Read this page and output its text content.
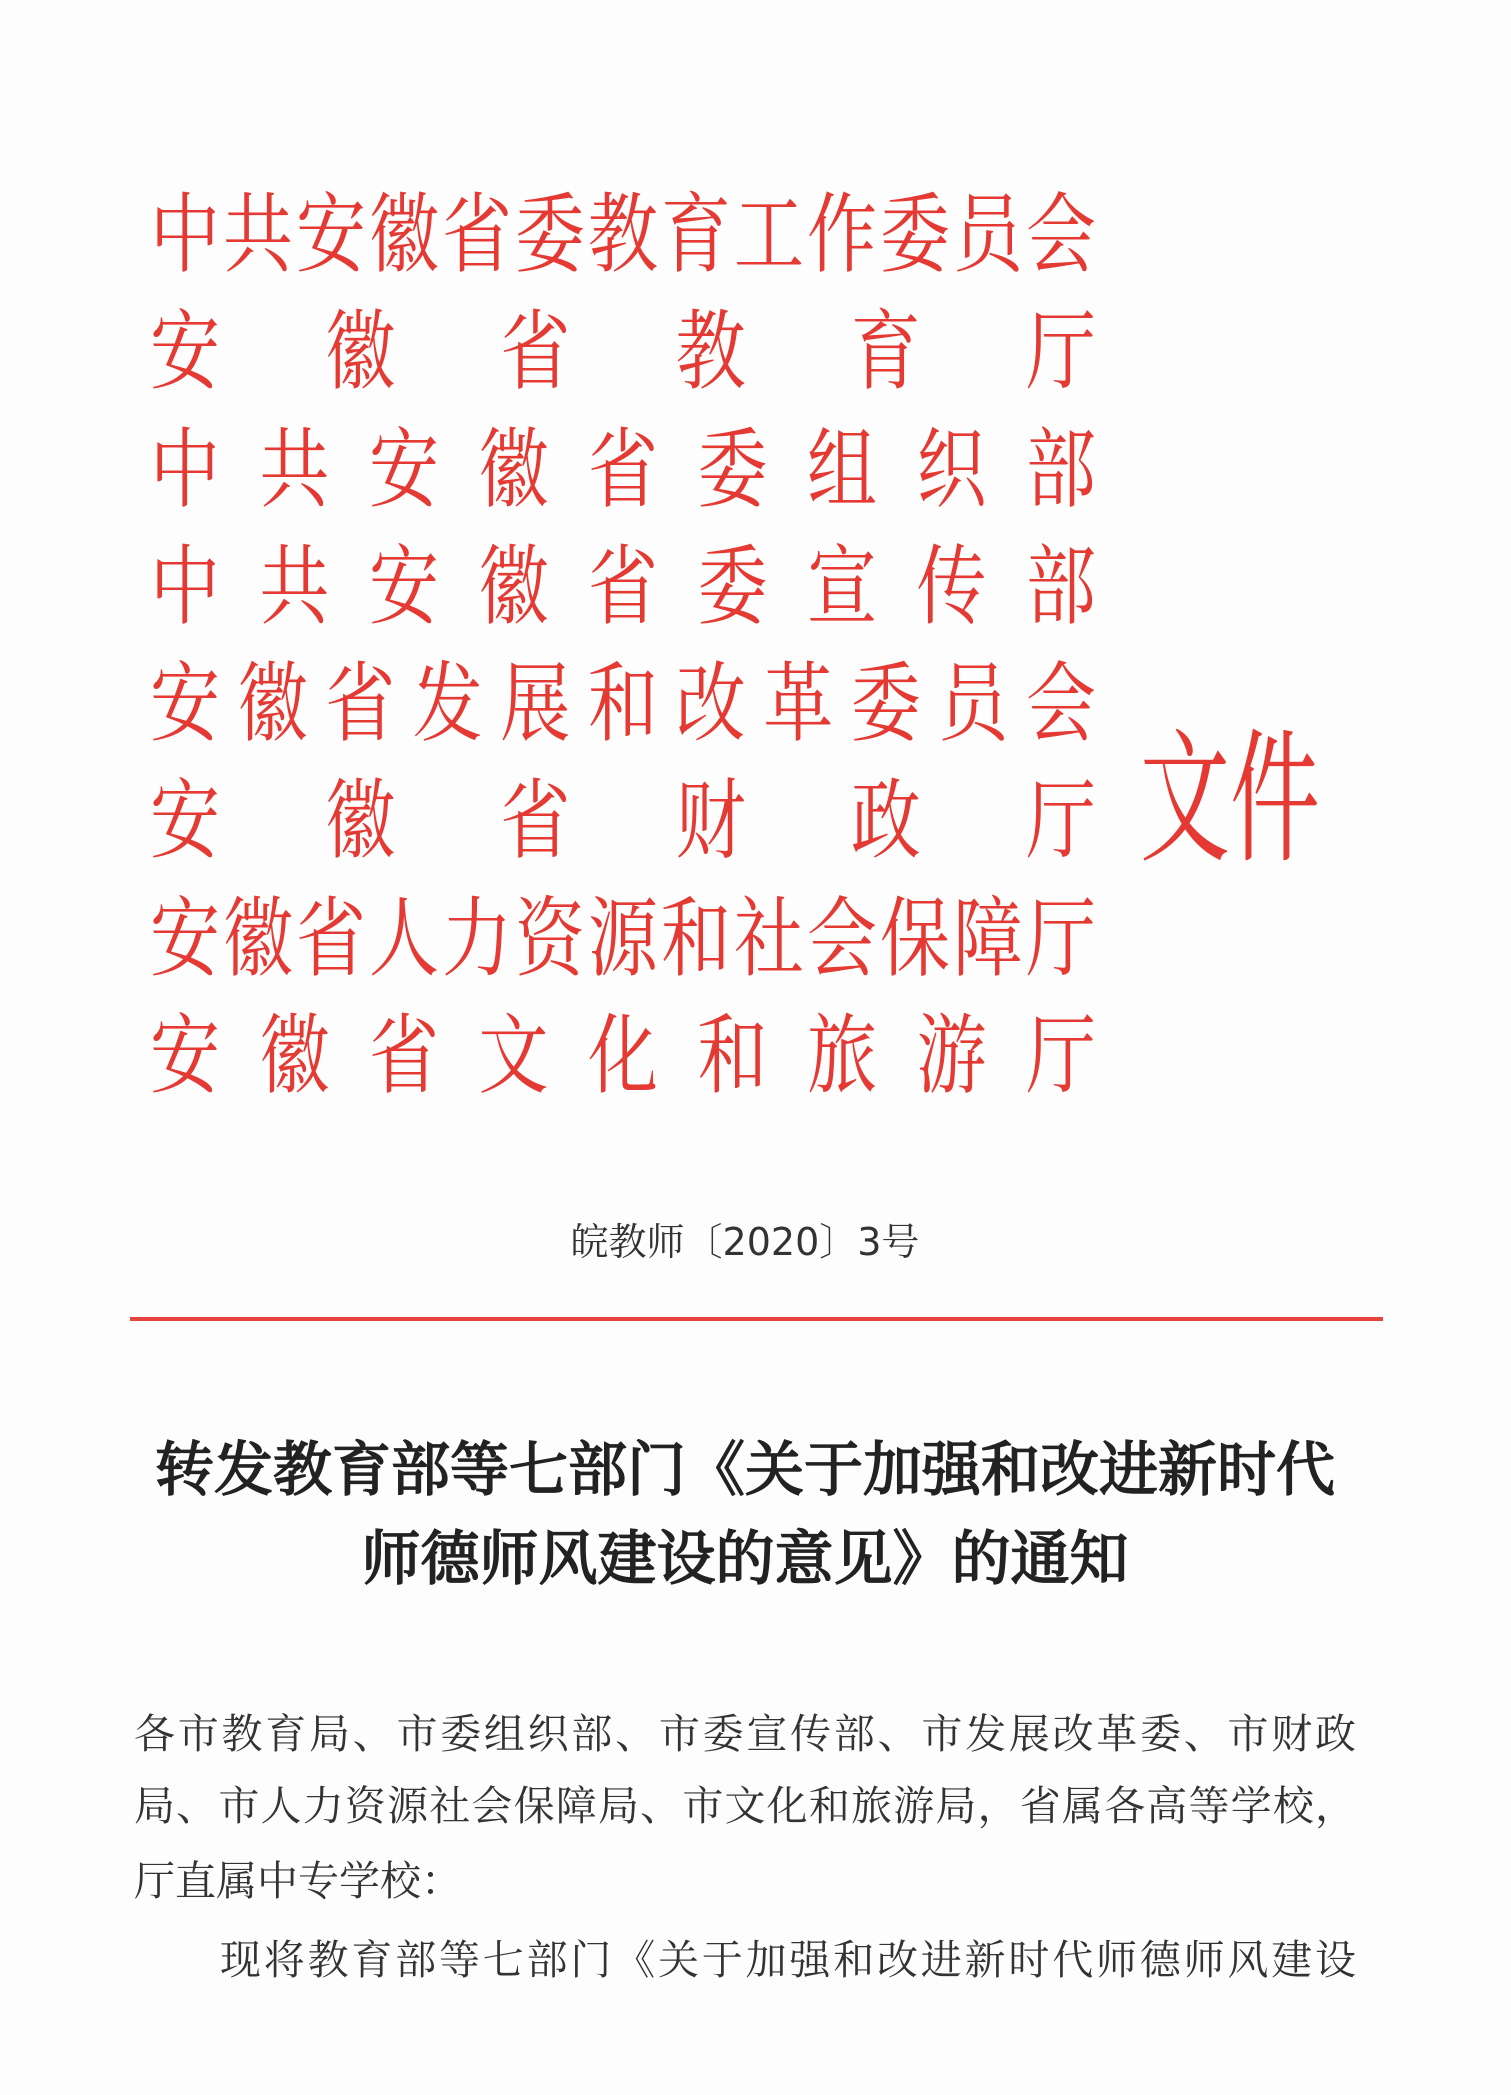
中共安徽省委教育工作委员会
安徽省教育厅
中共安徽省委组织部
中共安徽省委宣传部
安徽省发展和改革委员会
安徽省财政厅
安徽省人力资源和社会保障厅
安徽省文化和旅游厅
文件
皖教师〔2020〕3号
转发教育部等七部门《关于加强和改进新时代
师德师风建设的意见》的通知
各市教育局、市委组织部、市委宣传部、市发展改革委、市财政
局、市人力资源社会保障局、市文化和旅游局，省属各高等学校，
厅直属中专学校：
现将教育部等七部门《关于加强和改进新时代师德师风建设
